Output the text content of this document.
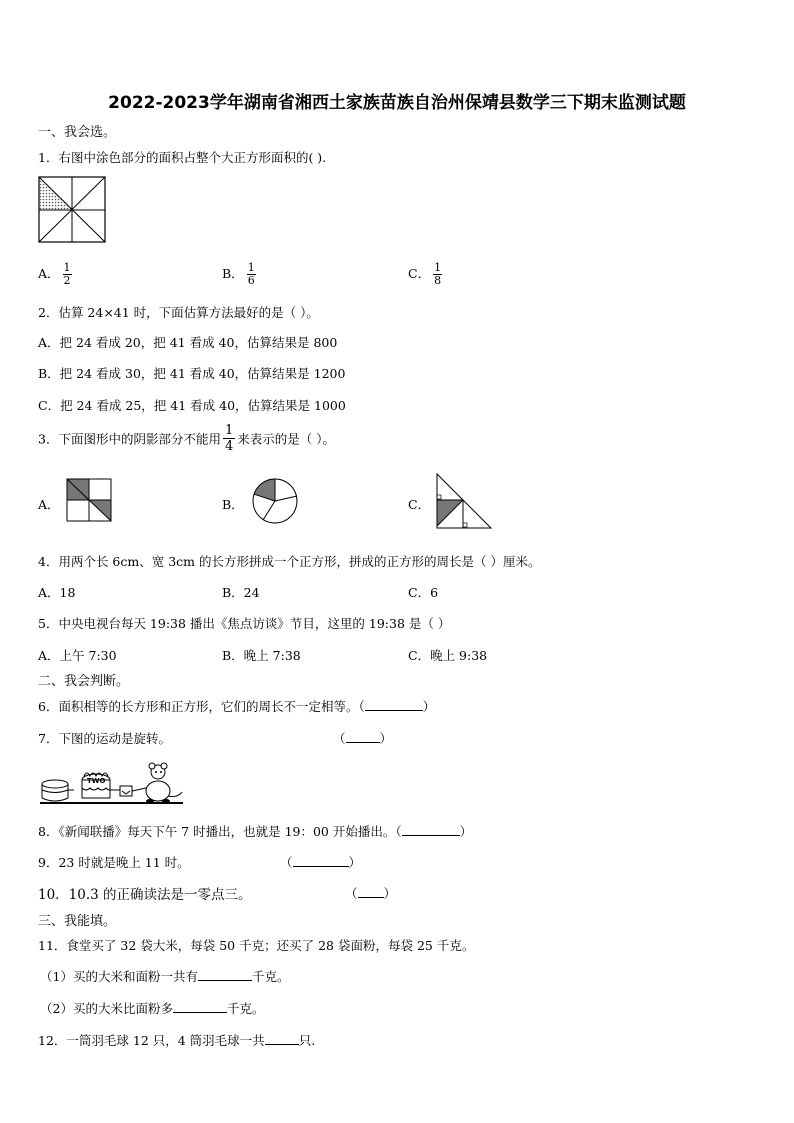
2022-2023学年湖南省湘西土家族苗族自治州保靖县数学三下期末监测试题
一、我会选。
1．右图中涂色部分的面积占整个大正方形面积的( ).
A． $\frac{1}{2}$	B． $\frac{1}{6}$	C． $\frac{1}{8}$
2．估算 24×41 时，下面估算方法最好的是（ ）。
A．把 24 看成 20，把 41 看成 40，估算结果是 800
B．把 24 看成 30，把 41 看成 40，估算结果是 1200
C．把 24 看成 25，把 41 看成 40，估算结果是 1000
3．下面图形中的阴影部分不能用 $\frac{1}{4}$ 来表示的是（ ）。
A．	B．	C．
4．用两个长 6cm、宽 3cm 的长方形拼成一个正方形，拼成的正方形的周长是（ ）厘米。
A．18	B．24	C．6
5．中央电视台每天 19:38 播出《焦点访谈》节目，这里的 19:38 是（ ）
A．上午 7:30	B．晚上 7:38	C．晚上 9:38
二、我会判断。
6．面积相等的长方形和正方形，它们的周长不一定相等。（	）
7．下图的运动是旋转。	（	）
TWO
8．《新闻联播》每天下午 7 时播出，也就是 19：00 开始播出。（	）
9．23 时就是晚上 11 时。	（	）
10．10.3 的正确读法是一零点三。	（ ）
三、我能填。
11．食堂买了 32 袋大米，每袋 50 千克；还买了 28 袋面粉，每袋 25 千克。
（1）买的大米和面粉一共有	千克。
（2）买的大米比面粉多	千克。
12．一筒羽毛球 12 只，4 筒羽毛球一共	只.
